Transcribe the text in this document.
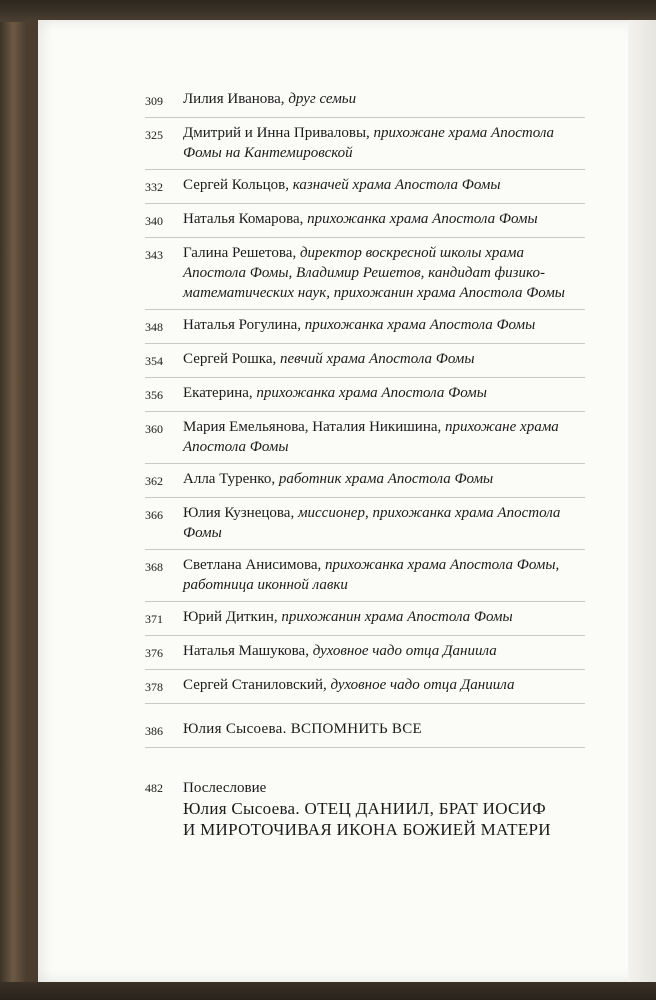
309	Лилия Иванова, друг семьи
325	Дмитрий и Инна Приваловы, прихожане храма Апостола Фомы на Кантемировской
332	Сергей Кольцов, казначей храма Апостола Фомы
340	Наталья Комарова, прихожанка храма Апостола Фомы
343	Галина Решетова, директор воскресной школы храма Апостола Фомы, Владимир Решетов, кандидат физико-математических наук, прихожанин храма Апостола Фомы
348	Наталья Рогулина, прихожанка храма Апостола Фомы
354	Сергей Рошка, певчий храма Апостола Фомы
356	Екатерина, прихожанка храма Апостола Фомы
360	Мария Емельянова, Наталия Никишина, прихожане храма Апостола Фомы
362	Алла Туренко, работник храма Апостола Фомы
366	Юлия Кузнецова, миссионер, прихожанка храма Апостола Фомы
368	Светлана Анисимова, прихожанка храма Апостола Фомы, работница иконной лавки
371	Юрий Диткин, прихожанин храма Апостола Фомы
376	Наталья Машукова, духовное чадо отца Даниила
378	Сергей Станиловский, духовное чадо отца Даниила
386	Юлия Сысоева. ВСПОМНИТЬ ВСЕ
482	Послесловие
Юлия Сысоева. ОТЕЦ ДАНИИЛ, БРАТ ИОСИФ
И МИРОТОЧИВАЯ ИКОНА БОЖИЕЙ МАТЕРИ
